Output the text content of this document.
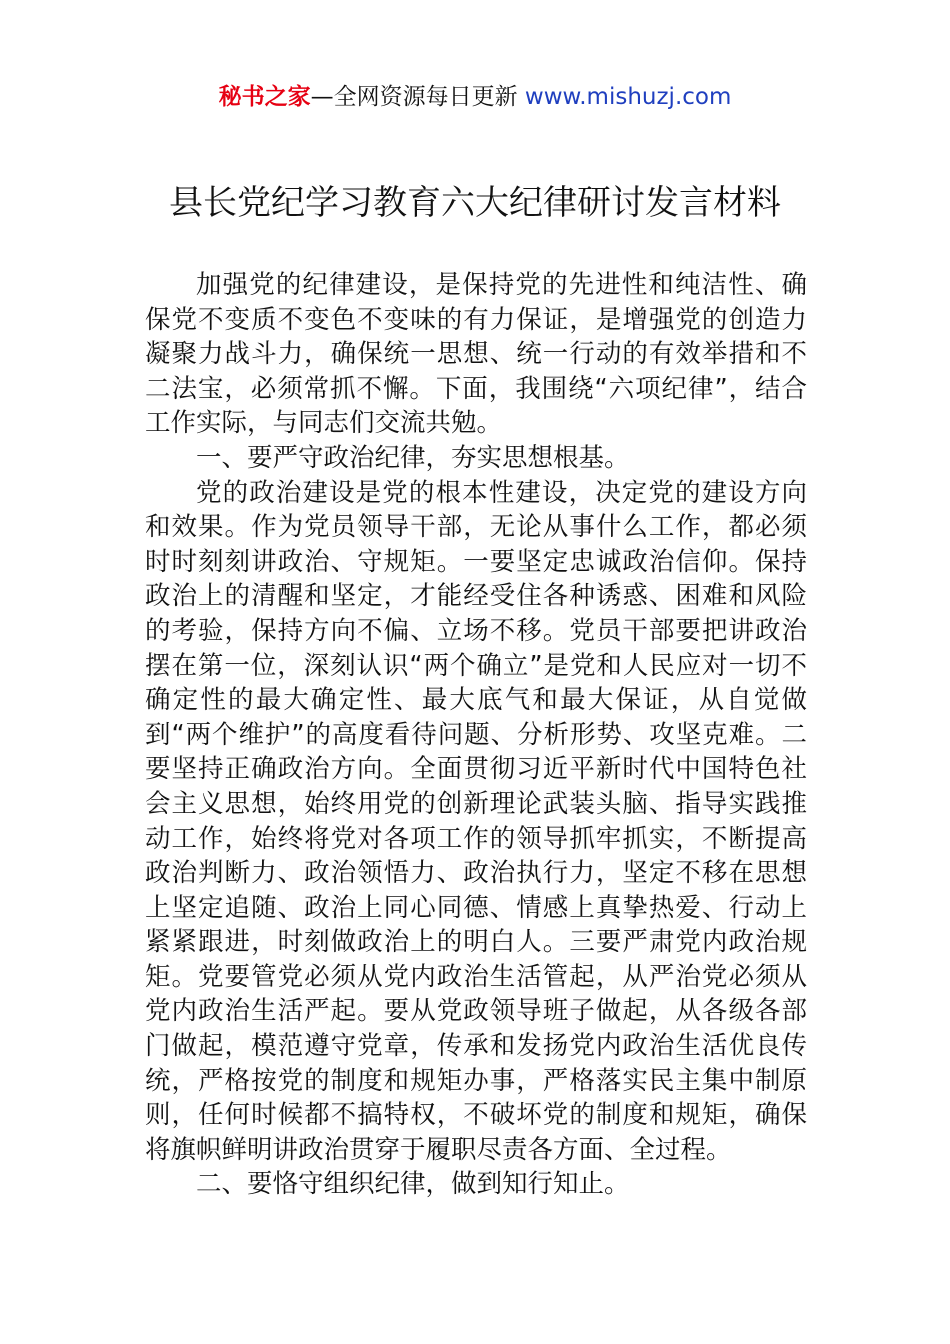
秘书之家—全网资源每日更新 www.mishuzj.com
县长党纪学习教育六大纪律研讨发言材料

加强党的纪律建设，是保持党的先进性和纯洁性、确保党不变质不变色不变味的有力保证，是增强党的创造力凝聚力战斗力，确保统一思想、统一行动的有效举措和不二法宝，必须常抓不懈。下面，我围绕“六项纪律”，结合工作实际，与同志们交流共勉。

一、要严守政治纪律，夯实思想根基。

党的政治建设是党的根本性建设，决定党的建设方向和效果。作为党员领导干部，无论从事什么工作，都必须时时刻刻讲政治、守规矩。一要坚定忠诚政治信仰。保持政治上的清醒和坚定，才能经受住各种诱惑、困难和风险的考验，保持方向不偏、立场不移。党员干部要把讲政治摆在第一位，深刻认识“两个确立”是党和人民应对一切不确定性的最大确定性、最大底气和最大保证，从自觉做到“两个维护”的高度看待问题、分析形势、攻坚克难。二要坚持正确政治方向。全面贯彻习近平新时代中国特色社会主义思想，始终用党的创新理论武装头脑、指导实践推动工作，始终将党对各项工作的领导抓牢抓实，不断提高政治判断力、政治领悟力、政治执行力，坚定不移在思想上坚定追随、政治上同心同德、情感上真挚热爱、行动上紧紧跟进，时刻做政治上的明白人。三要严肃党内政治规矩。党要管党必须从党内政治生活管起，从严治党必须从党内政治生活严起。要从党政领导班子做起，从各级各部门做起，模范遵守党章，传承和发扬党内政治生活优良传统，严格按党的制度和规矩办事，严格落实民主集中制原则，任何时候都不搞特权，不破坏党的制度和规矩，确保将旗帜鲜明讲政治贯穿于履职尽责各方面、全过程。

二、要恪守组织纪律，做到知行知止。
